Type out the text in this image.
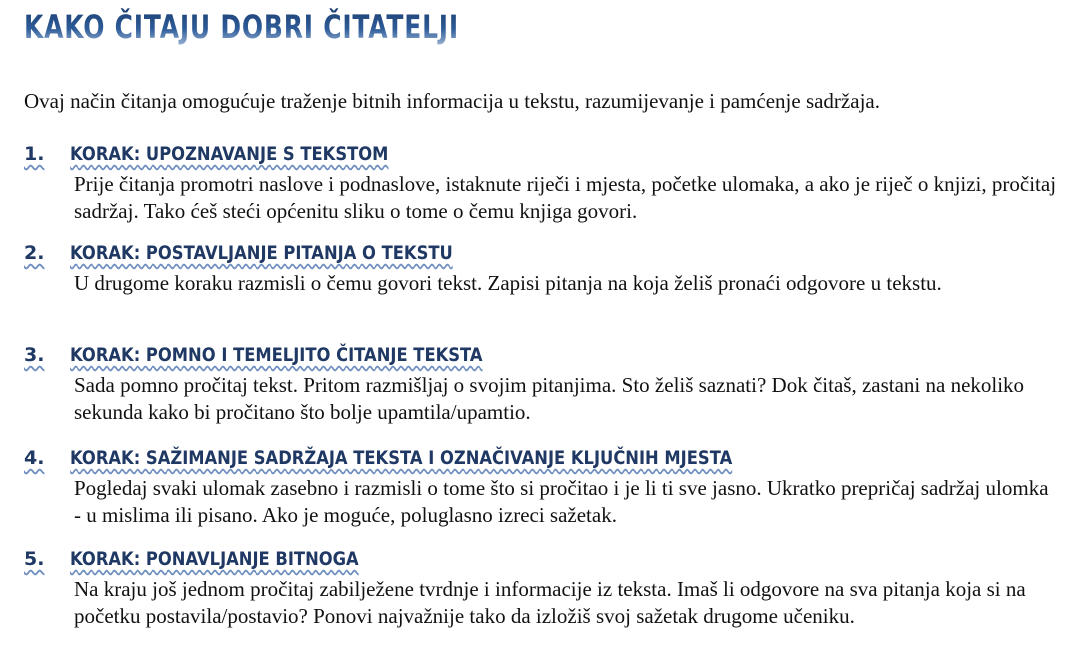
KAKO ČITAJU DOBRI ČITATELJI
Ovaj način čitanja omogućuje traženje bitnih informacija u tekstu, razumijevanje i pamćenje sadržaja.
1.	KORAK: UPOZNAVANJE S TEKSTOM
Prije čitanja promotri naslove i podnaslove, istaknute riječi i mjesta, početke ulomaka, a ako je riječ o knjizi, pročitaj sadržaj. Tako ćeš steći općenitu sliku o tome o čemu knjiga govori.
2.	KORAK: POSTAVLJANJE PITANJA O TEKSTU
U drugome koraku razmisli o čemu govori tekst. Zapisi pitanja na koja želiš pronaći odgovore u tekstu.
3.	KORAK: POMNO I TEMELJITO ČITANJE TEKSTA
Sada pomno pročitaj tekst. Pritom razmišljaj o svojim pitanjima. Sto želiš saznati? Dok čitaš, zastani na nekoliko sekunda kako bi pročitano što bolje upamtila/upamtio.
4.	KORAK: SAŽIMANJE SADRŽAJA TEKSTA I OZNAČIVANJE KLJUČNIH MJESTA
Pogledaj svaki ulomak zasebno i razmisli o tome što si pročitao i je li ti sve jasno. Ukratko prepričaj sadržaj ulomka - u mislima ili pisano. Ako je moguće, poluglasno izreci sažetak.
5.	KORAK: PONAVLJANJE BITNOGA
Na kraju još jednom pročitaj zabilježene tvrdnje i informacije iz teksta. Imaš li odgovore na sva pitanja koja si na početku postavila/postavio? Ponovi najvažnije tako da izložiš svoj sažetak drugome učeniku.
